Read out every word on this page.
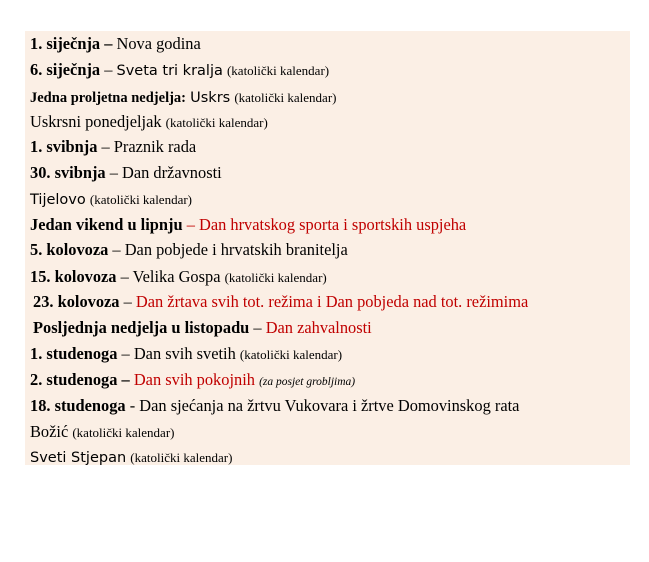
1. siječnja – Nova godina
6. siječnja – Sveta tri kralja (katolički kalendar)
Jedna proljetna nedjelja: Uskrs (katolički kalendar)
Uskrsni ponedjeljak (katolički kalendar)
1. svibnja – Praznik rada
30. svibnja – Dan državnosti
Tijelovo (katolički kalendar)
Jedan vikend u lipnju – Dan hrvatskog sporta i sportskih uspjeha
5. kolovoza – Dan pobjede i hrvatskih branitelja
15. kolovoza – Velika Gospa (katolički kalendar)
23. kolovoza – Dan žrtava svih tot. režima i Dan pobjeda nad tot. režimima
Posljednja nedjelja u listopadu – Dan zahvalnosti
1. studenoga – Dan svih svetih (katolički kalendar)
2. studenoga – Dan svih pokojnih (za posjet grobljima)
18. studenoga - Dan sjećanja na žrtvu Vukovara i žrtve Domovinskog rata
Božić (katolički kalendar)
Sveti Stjepan (katolički kalendar)
